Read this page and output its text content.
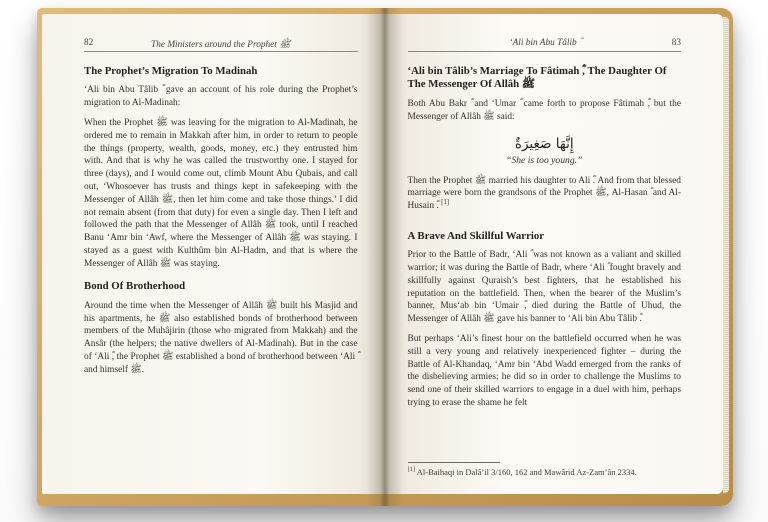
82	The Ministers around the Prophet ﷺ
The Prophet’s Migration To Madinah

‘Ali bin Abu Tâlib ؓ gave an account of his role during the Prophet’s migration to Al-Madinah:

When the Prophet ﷺ was leaving for the migration to Al-Madinah, he ordered me to remain in Makkah after him, in order to return to people the things (property, wealth, goods, money, etc.) they entrusted him with. And that is why he was called the trustworthy one. I stayed for three (days), and I would come out, climb Mount Abu Qubais, and call out, ‘Whosoever has trusts and things kept in safekeeping with the Messenger of Allâh ﷺ, then let him come and take those things.’ I did not remain absent (from that duty) for even a single day. Then I left and followed the path that the Messenger of Allâh ﷺ took, until I reached Banu ‘Amr bin ‘Awf, where the Messenger of Allâh ﷺ was staying. I stayed as a guest with Kulthûm bin Al-Hadm, and that is where the Messenger of Allâh ﷺ was staying.

Bond Of Brotherhood

Around the time when the Messenger of Allâh ﷺ built his Masjid and his apartments, he ﷺ also established bonds of brotherhood between members of the Muhâjirin (those who migrated from Makkah) and the Ansâr (the helpers; the native dwellers of Al-Madinah). But in the case of ‘Ali ؓ, the Prophet ﷺ established a bond of brotherhood between ‘Ali ؓ and himself ﷺ.

83
‘Ali bin Abu Tâlib ؓ
‘Ali bin Tâlib’s Marriage To Fâtimah ؓ, The Daughter Of The Messenger Of Allâh ﷺ

Both Abu Bakr ؓ and ‘Umar ؓ came forth to propose Fâtimah ؓ, but the Messenger of Allâh ﷺ said:

إِنَّهَا صَغِيرَةٌ
“She is too young.”

Then the Prophet ﷺ married his daughter to Ali ؓ. And from that blessed marriage were born the grandsons of the Prophet ﷺ, Al-Hasan ؓ and Al-Husain ؓ. [1]

A Brave And Skillful Warrior

Prior to the Battle of Badr, ‘Ali ؓ was not known as a valiant and skilled warrior; it was during the Battle of Badr, where ‘Ali ؓ fought bravely and skillfully against Quraish’s best fighters, that he established his reputation on the battlefield. Then, when the bearer of the Muslim’s banner, Mus‘ab bin ‘Umair ؓ, died during the Battle of Uhud, the Messenger of Allâh ﷺ gave his banner to ‘Ali bin Abu Tâlib ؓ.

But perhaps ‘Ali’s finest hour on the battlefield occurred when he was still a very young and relatively inexperienced fighter – during the Battle of Al-Khandaq, ‘Amr bin ‘Abd Wadd emerged from the ranks of the disbelieving armies; he did so in order to challenge the Muslims to send one of their skilled warriors to engage in a duel with him, perhaps trying to erase the shame he felt

[1] Al-Baihaqi in Dalâ’il 3/160, 162 and Mawârid Az-Zam’ân 2334.
